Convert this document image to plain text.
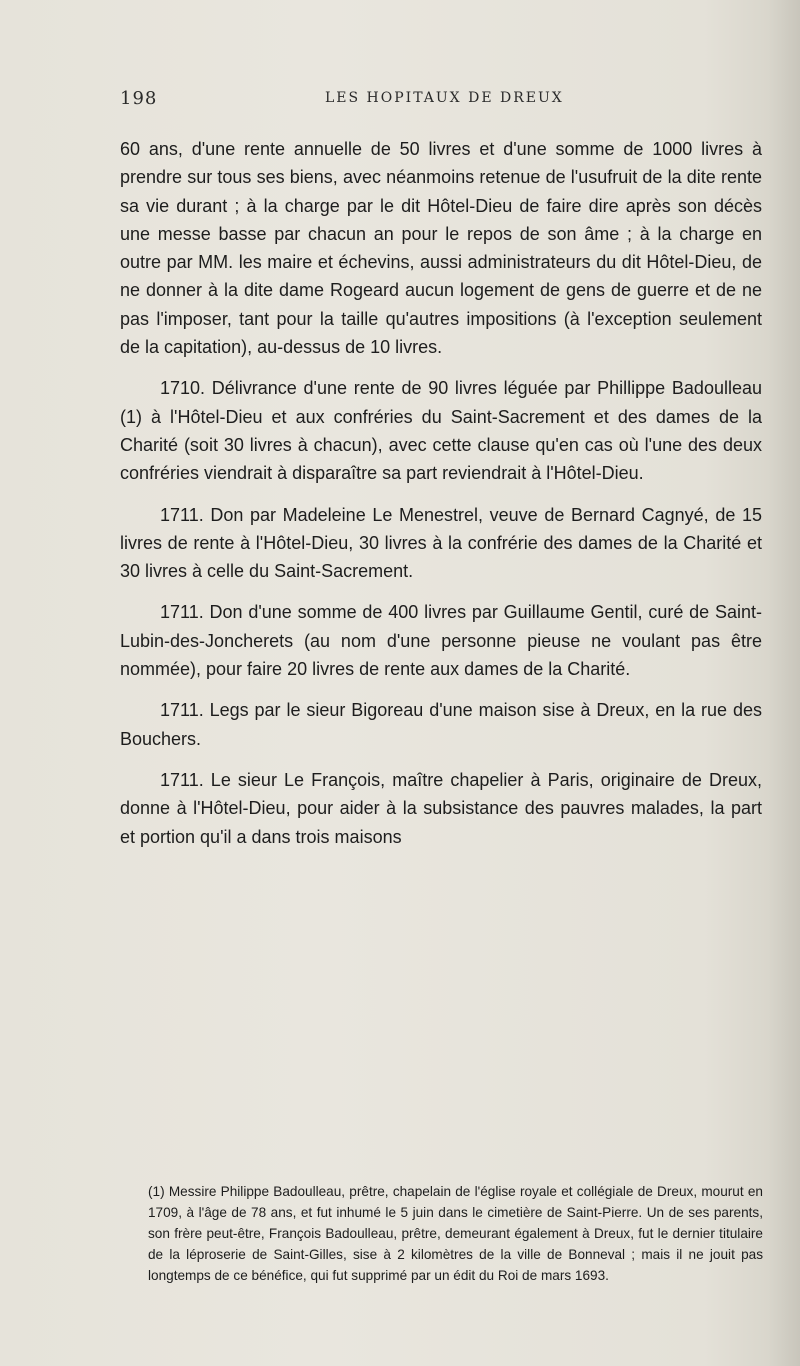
198	LES HOPITAUX DE DREUX

60 ans, d'une rente annuelle de 50 livres et d'une somme de 1000 livres à prendre sur tous ses biens, avec néanmoins retenue de l'usufruit de la dite rente sa vie durant ; à la charge par le dit Hôtel-Dieu de faire dire après son décès une messe basse par chacun an pour le repos de son âme ; à la charge en outre par MM. les maire et échevins, aussi administrateurs du dit Hôtel-Dieu, de ne donner à la dite dame Rogeard aucun logement de gens de guerre et de ne pas l'imposer, tant pour la taille qu'autres impositions (à l'exception seulement de la capitation), au-dessus de 10 livres.

1710. Délivrance d'une rente de 90 livres léguée par Phillippe Badoulleau (1) à l'Hôtel-Dieu et aux confréries du Saint-Sacrement et des dames de la Charité (soit 30 livres à chacun), avec cette clause qu'en cas où l'une des deux confréries viendrait à disparaître sa part reviendrait à l'Hôtel-Dieu.

1711. Don par Madeleine Le Menestrel, veuve de Bernard Cagnyé, de 15 livres de rente à l'Hôtel-Dieu, 30 livres à la confrérie des dames de la Charité et 30 livres à celle du Saint-Sacrement.

1711. Don d'une somme de 400 livres par Guillaume Gentil, curé de Saint-Lubin-des-Joncherets (au nom d'une personne pieuse ne voulant pas être nommée), pour faire 20 livres de rente aux dames de la Charité.

1711. Legs par le sieur Bigoreau d'une maison sise à Dreux, en la rue des Bouchers.

1711. Le sieur Le François, maître chapelier à Paris, originaire de Dreux, donne à l'Hôtel-Dieu, pour aider à la subsistance des pauvres malades, la part et portion qu'il a dans trois maisons

(1) Messire Philippe Badoulleau, prêtre, chapelain de l'église royale et collégiale de Dreux, mourut en 1709, à l'âge de 78 ans, et fut inhumé le 5 juin dans le cimetière de Saint-Pierre. Un de ses parents, son frère peut-être, François Badoulleau, prêtre, demeurant également à Dreux, fut le dernier titulaire de la léproserie de Saint-Gilles, sise à 2 kilomètres de la ville de Bonneval ; mais il ne jouit pas longtemps de ce bénéfice, qui fut supprimé par un édit du Roi de mars 1693.
